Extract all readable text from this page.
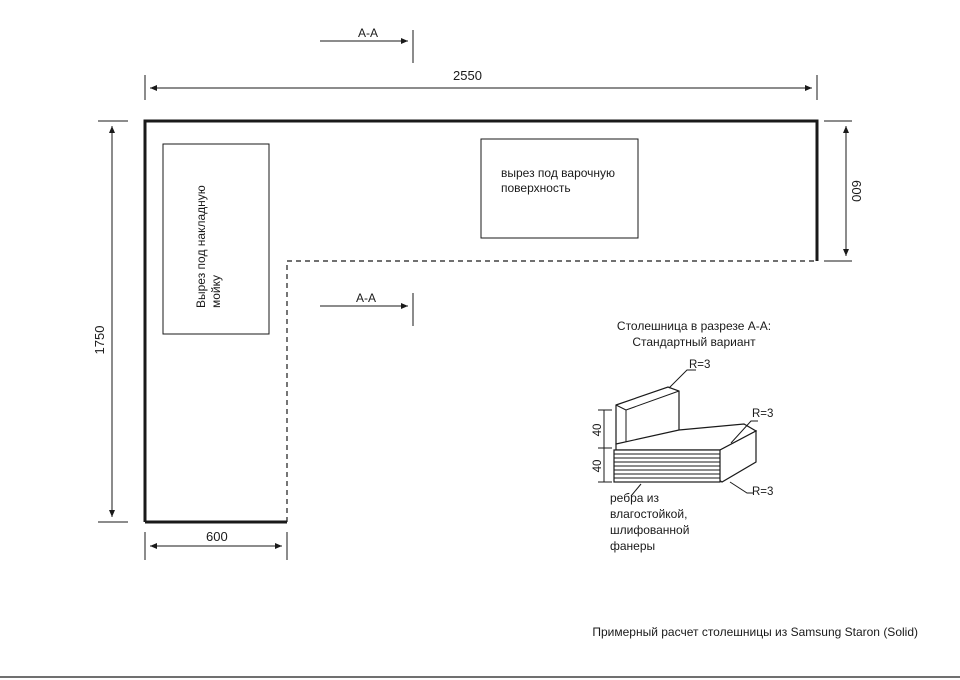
A-A
2550
1750
600
вырез под варочную
поверхность
Вырез под накладную мойку
600
A-A
Столешница в разрезе А-А:
Стандартный вариант
40
40
R=3
R=3
R=3
ребра из
влагостойкой,
шлифованной
фанеры
Примерный расчет столешницы из Samsung Staron (Solid)
